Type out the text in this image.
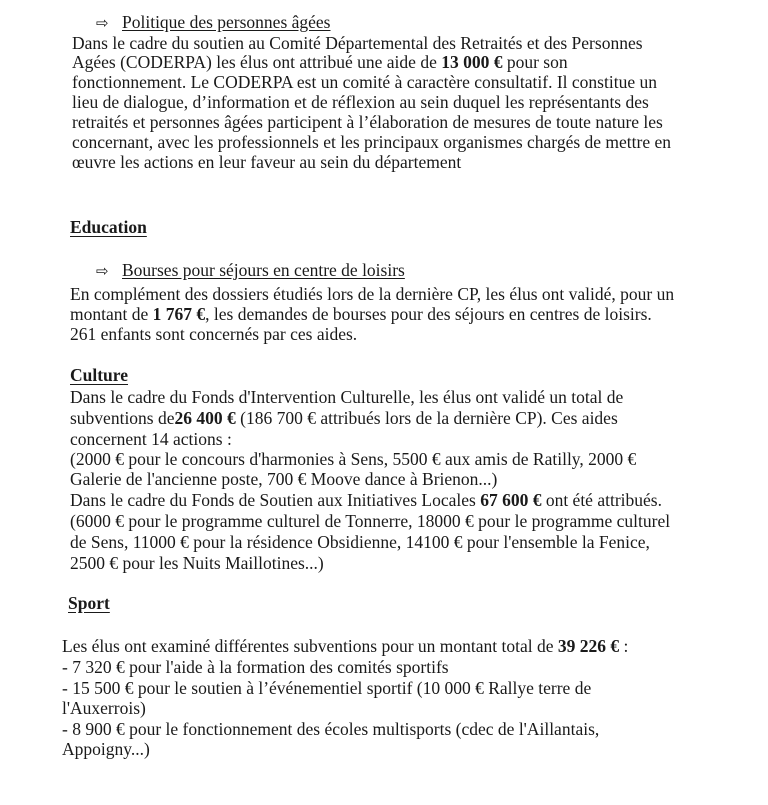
⇨ Politique des personnes âgées
Dans le cadre du soutien au Comité Départemental des Retraités et des Personnes
Agées (CODERPA) les élus ont attribué une aide de 13 000 € pour son
fonctionnement. Le CODERPA est un comité à caractère consultatif. Il constitue un
lieu de dialogue, d’information et de réflexion au sein duquel les représentants des
retraités et personnes âgées participent à l’élaboration de mesures de toute nature les
concernant, avec les professionnels et les principaux organismes chargés de mettre en
œuvre les actions en leur faveur au sein du département
Education
⇨ Bourses pour séjours en centre de loisirs
En complément des dossiers étudiés lors de la dernière CP, les élus ont validé, pour un
montant de 1 767 €, les demandes de bourses pour des séjours en centres de loisirs.
261 enfants sont concernés par ces aides.
Culture
Dans le cadre du Fonds d'Intervention Culturelle, les élus ont validé un total de
subventions de26 400 € (186 700 € attribués lors de la dernière CP). Ces aides
concernent 14 actions :
(2000 € pour le concours d'harmonies à Sens, 5500 € aux amis de Ratilly, 2000 €
Galerie de l'ancienne poste, 700 € Moove dance à Brienon...)
Dans le cadre du Fonds de Soutien aux Initiatives Locales 67 600 € ont été attribués.
(6000 € pour le programme culturel de Tonnerre, 18000 € pour le programme culturel
de Sens, 11000 € pour la résidence Obsidienne, 14100 € pour l'ensemble la Fenice,
2500 € pour les Nuits Maillotines...)
Sport
Les élus ont examiné différentes subventions pour un montant total de 39 226 € :
- 7 320 € pour l'aide à la formation des comités sportifs
- 15 500 € pour le soutien à l’événementiel sportif (10 000 € Rallye terre de
l'Auxerrois)
- 8 900 € pour le fonctionnement des écoles multisports (cdec de l'Aillantais,
Appoigny...)
